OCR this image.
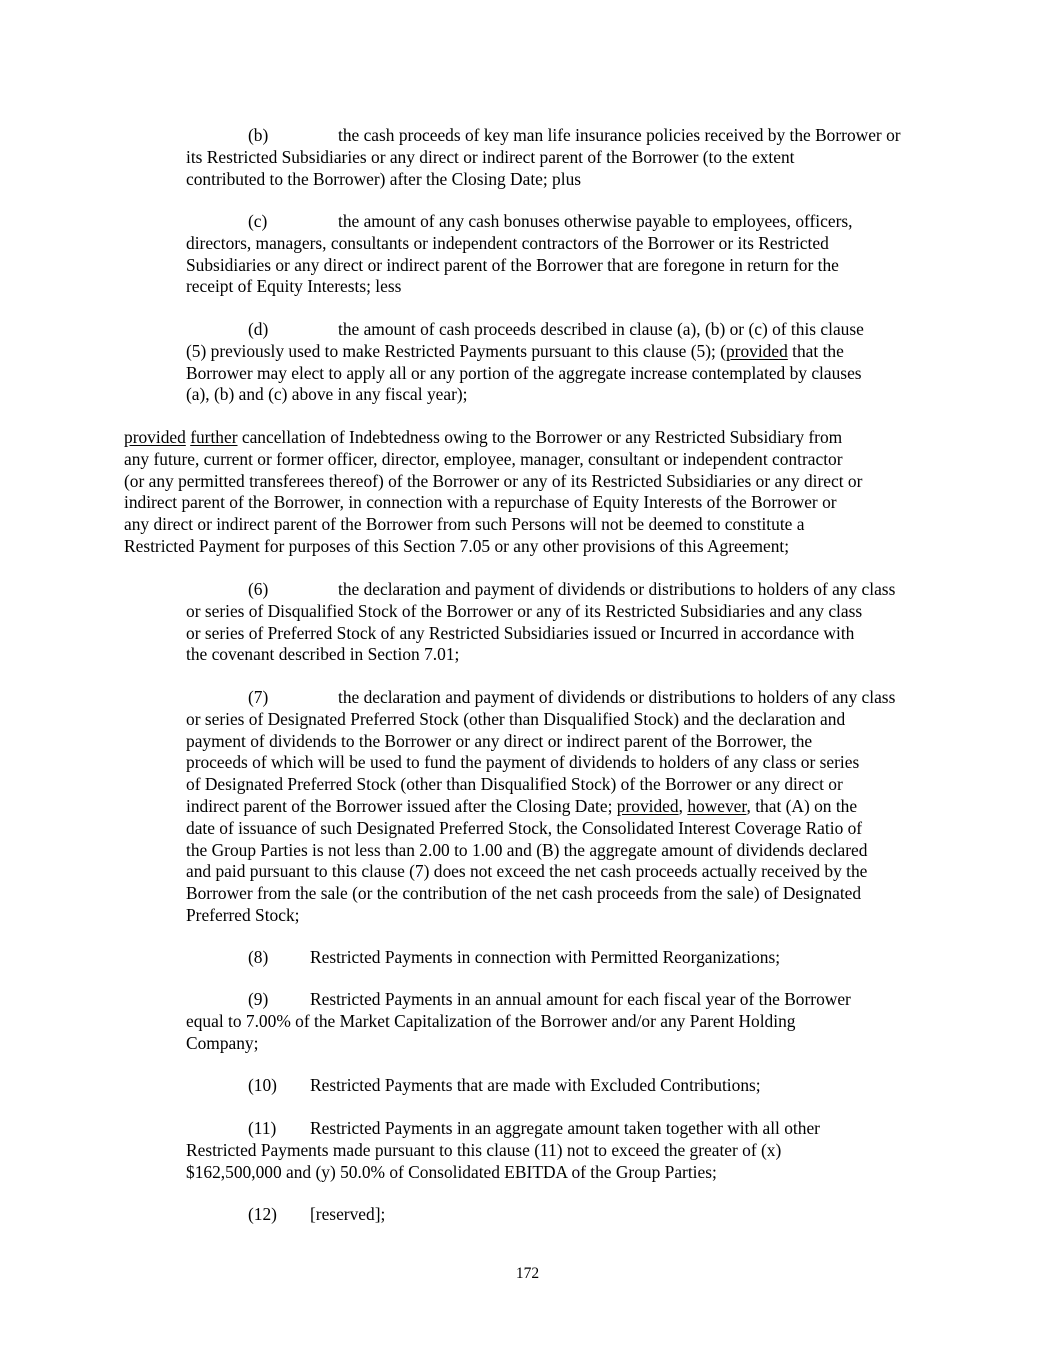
(b)	the cash proceeds of key man life insurance policies received by the Borrower or
its Restricted Subsidiaries or any direct or indirect parent of the Borrower (to the extent
contributed to the Borrower) after the Closing Date; plus
(c)	the amount of any cash bonuses otherwise payable to employees, officers,
directors, managers, consultants or independent contractors of the Borrower or its Restricted
Subsidiaries or any direct or indirect parent of the Borrower that are foregone in return for the
receipt of Equity Interests; less
(d)	the amount of cash proceeds described in clause (a), (b) or (c) of this clause
(5) previously used to make Restricted Payments pursuant to this clause (5); (provided that the
Borrower may elect to apply all or any portion of the aggregate increase contemplated by clauses
(a), (b) and (c) above in any fiscal year);
provided further cancellation of Indebtedness owing to the Borrower or any Restricted Subsidiary from
any future, current or former officer, director, employee, manager, consultant or independent contractor
(or any permitted transferees thereof) of the Borrower or any of its Restricted Subsidiaries or any direct or
indirect parent of the Borrower, in connection with a repurchase of Equity Interests of the Borrower or
any direct or indirect parent of the Borrower from such Persons will not be deemed to constitute a
Restricted Payment for purposes of this Section 7.05 or any other provisions of this Agreement;
(6)	the declaration and payment of dividends or distributions to holders of any class
or series of Disqualified Stock of the Borrower or any of its Restricted Subsidiaries and any class
or series of Preferred Stock of any Restricted Subsidiaries issued or Incurred in accordance with
the covenant described in Section 7.01;
(7)	the declaration and payment of dividends or distributions to holders of any class
or series of Designated Preferred Stock (other than Disqualified Stock) and the declaration and
payment of dividends to the Borrower or any direct or indirect parent of the Borrower, the
proceeds of which will be used to fund the payment of dividends to holders of any class or series
of Designated Preferred Stock (other than Disqualified Stock) of the Borrower or any direct or
indirect parent of the Borrower issued after the Closing Date; provided, however, that (A) on the
date of issuance of such Designated Preferred Stock, the Consolidated Interest Coverage Ratio of
the Group Parties is not less than 2.00 to 1.00 and (B) the aggregate amount of dividends declared
and paid pursuant to this clause (7) does not exceed the net cash proceeds actually received by the
Borrower from the sale (or the contribution of the net cash proceeds from the sale) of Designated
Preferred Stock;
(8) Restricted Payments in connection with Permitted Reorganizations;
(9) Restricted Payments in an annual amount for each fiscal year of the Borrower
equal to 7.00% of the Market Capitalization of the Borrower and/or any Parent Holding
Company;
(10) Restricted Payments that are made with Excluded Contributions;
(11) Restricted Payments in an aggregate amount taken together with all other
Restricted Payments made pursuant to this clause (11) not to exceed the greater of (x)
$162,500,000 and (y) 50.0% of Consolidated EBITDA of the Group Parties;
(12) [reserved];
172
